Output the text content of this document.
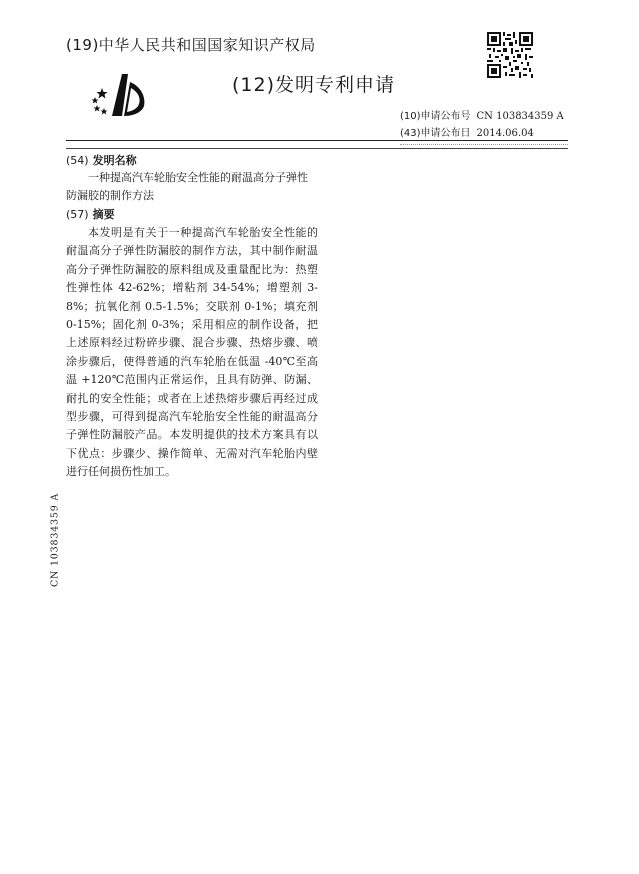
(19)中华人民共和国国家知识产权局
(12)发明专利申请
(10)申请公布号 CN 103834359 A
(43)申请公布日 2014.06.04
(54) 发明名称
一种提高汽车轮胎安全性能的耐温高分子弹性防漏胶的制作方法
(57) 摘要
本发明是有关于一种提高汽车轮胎安全性能的耐温高分子弹性防漏胶的制作方法，其中制作耐温高分子弹性防漏胶的原料组成及重量配比为：热塑性弹性体 42-62%；增粘剂 34-54%；增塑剂 3-8%；抗氧化剂 0.5-1.5%；交联剂 0-1%；填充剂 0-15%；固化剂 0-3%；采用相应的制作设备，把上述原料经过粉碎步骤、混合步骤、热熔步骤、喷涂步骤后，使得普通的汽车轮胎在低温 -40℃至高温 +120℃范围内正常运作，且具有防弹、防漏、耐扎的安全性能；或者在上述热熔步骤后再经过成型步骤，可得到提高汽车轮胎安全性能的耐温高分子弹性防漏胶产品。本发明提供的技术方案具有以下优点：步骤少、操作简单、无需对汽车轮胎内壁进行任何损伤性加工。
CN 103834359 A
